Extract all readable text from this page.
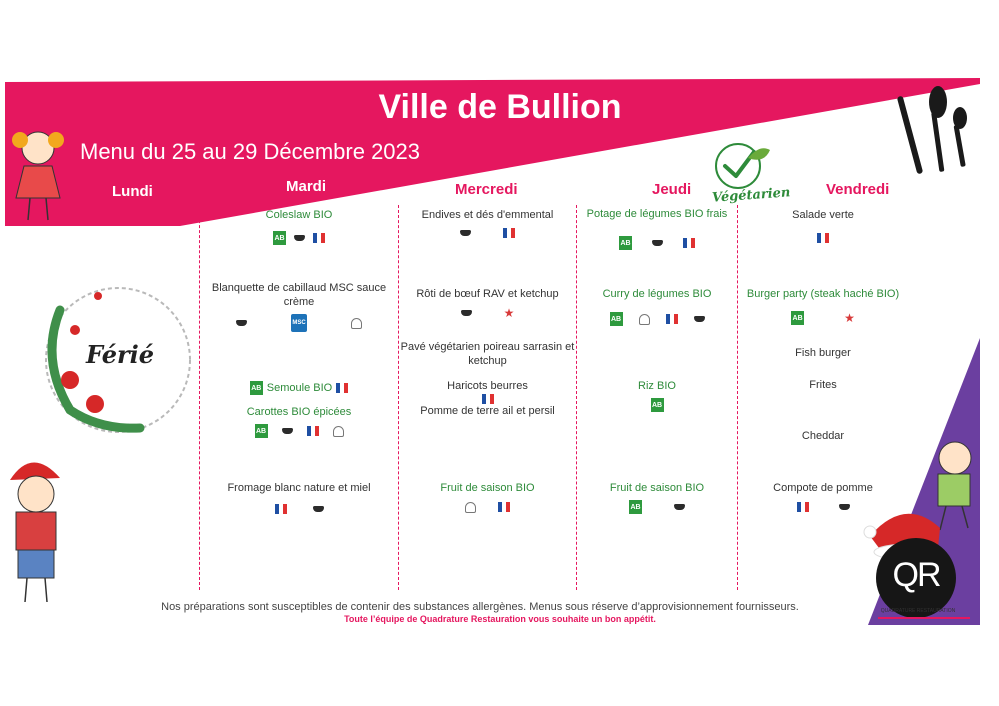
Ville de Bullion
Menu du 25 au 29 Décembre 2023
Lundi	Mardi	Mercredi	Jeudi	Vendredi
Végétarien
Férié
Coleslaw BIO
AB
Blanquette de cabillaud MSC sauce crème
MSC
AB Semoule BIO
Carottes BIO épicées
AB
Fromage blanc nature et miel
Endives et dés d'emmental
Rôti de bœuf RAV et ketchup
★
Pavé végétarien poireau sarrasin et ketchup
Haricots beurres
Pomme de terre ail et persil
Fruit de saison BIO
Potage de légumes BIO frais
AB
Curry de légumes BIO
AB
Riz BIO
AB
Fruit de saison BIO
AB
Salade verte
Burger party (steak haché BIO)
AB	★
Fish burger
Frites
Cheddar
Compote de pomme
QR
QUADRATURE RESTAURATION
Nos préparations sont susceptibles de contenir des substances allergènes. Menus sous réserve d’approvisionnement fournisseurs.
Toute l’équipe de Quadrature Restauration vous souhaite un bon appétit.
